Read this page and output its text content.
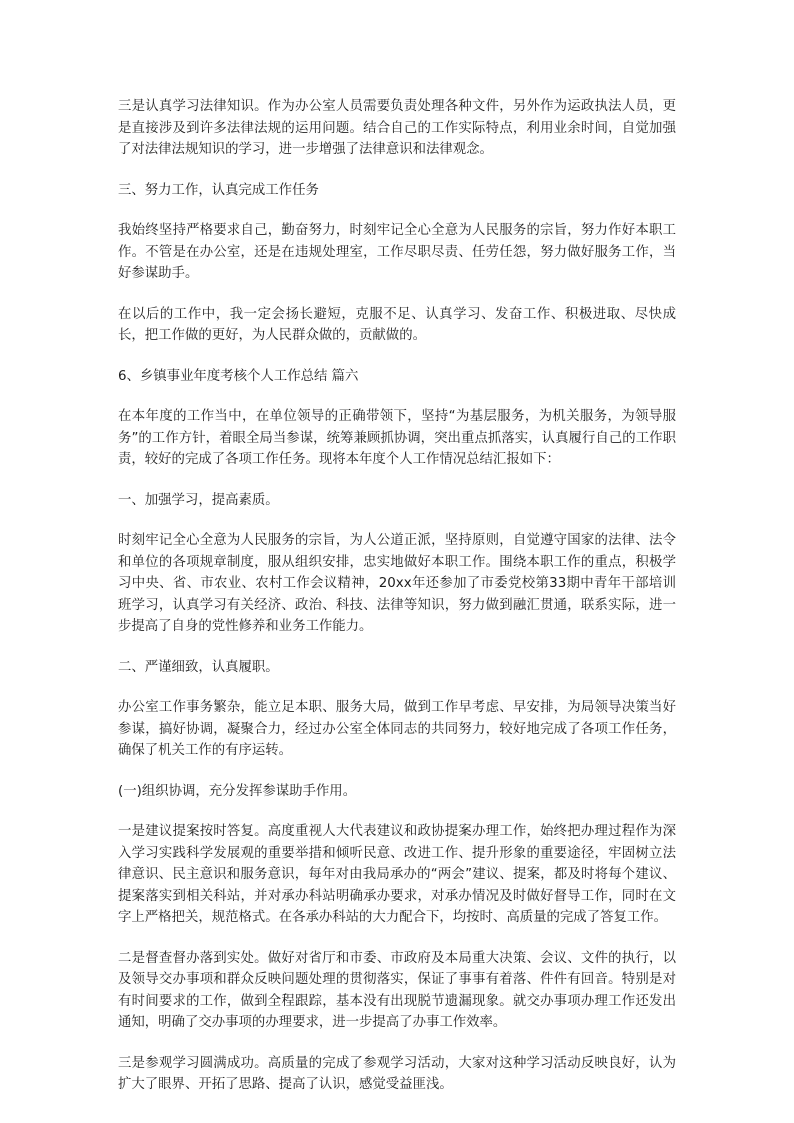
三是认真学习法律知识。作为办公室人员需要负责处理各种文件，另外作为运政执法人员，更是直接涉及到许多法律法规的运用问题。结合自己的工作实际特点，利用业余时间，自觉加强了对法律法规知识的学习，进一步增强了法律意识和法律观念。

三、努力工作，认真完成工作任务

我始终坚持严格要求自己，勤奋努力，时刻牢记全心全意为人民服务的宗旨，努力作好本职工作。不管是在办公室，还是在违规处理室，工作尽职尽责、任劳任怨，努力做好服务工作，当好参谋助手。

在以后的工作中，我一定会扬长避短，克服不足、认真学习、发奋工作、积极进取、尽快成长，把工作做的更好，为人民群众做的，贡献做的。

6、乡镇事业年度考核个人工作总结 篇六

在本年度的工作当中，在单位领导的正确带领下，坚持“为基层服务，为机关服务，为领导服务”的工作方针，着眼全局当参谋，统筹兼顾抓协调，突出重点抓落实，认真履行自己的工作职责，较好的完成了各项工作任务。现将本年度个人工作情况总结汇报如下：

一、加强学习，提高素质。

时刻牢记全心全意为人民服务的宗旨，为人公道正派，坚持原则，自觉遵守国家的法律、法令和单位的各项规章制度，服从组织安排，忠实地做好本职工作。围绕本职工作的重点，积极学习中央、省、市农业、农村工作会议精神，20xx年还参加了市委党校第33期中青年干部培训班学习，认真学习有关经济、政治、科技、法律等知识，努力做到融汇贯通，联系实际，进一步提高了自身的党性修养和业务工作能力。

二、严谨细致，认真履职。

办公室工作事务繁杂，能立足本职、服务大局，做到工作早考虑、早安排，为局领导决策当好参谋，搞好协调，凝聚合力，经过办公室全体同志的共同努力，较好地完成了各项工作任务，确保了机关工作的有序运转。

(一)组织协调，充分发挥参谋助手作用。

一是建议提案按时答复。高度重视人大代表建议和政协提案办理工作，始终把办理过程作为深入学习实践科学发展观的重要举措和倾听民意、改进工作、提升形象的重要途径，牢固树立法律意识、民主意识和服务意识，每年对由我局承办的“两会”建议、提案，都及时将每个建议、提案落实到相关科站，并对承办科站明确承办要求，对承办情况及时做好督导工作，同时在文字上严格把关，规范格式。在各承办科站的大力配合下，均按时、高质量的完成了答复工作。

二是督查督办落到实处。做好对省厅和市委、市政府及本局重大决策、会议、文件的执行，以及领导交办事项和群众反映问题处理的贯彻落实，保证了事事有着落、件件有回音。特别是对有时间要求的工作，做到全程跟踪，基本没有出现脱节遗漏现象。就交办事项办理工作还发出通知，明确了交办事项的办理要求，进一步提高了办事工作效率。

三是参观学习圆满成功。高质量的完成了参观学习活动，大家对这种学习活动反映良好，认为扩大了眼界、开拓了思路、提高了认识，感觉受益匪浅。
